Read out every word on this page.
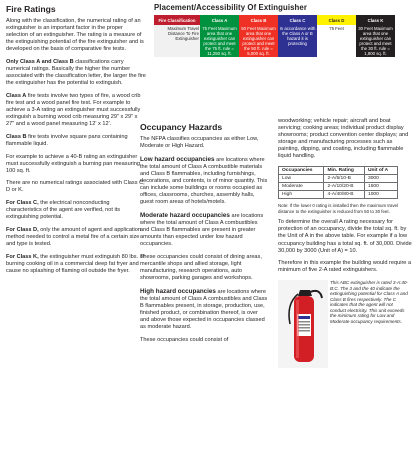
Fire Ratings

Along with the classification, the numerical rating of an extinguisher is an important factor in the proper selection of an extinguisher. The rating is a measure of the extinguishing potential of the fire extinguisher and is developed on the basis of comparative fire tests.

Only Class A and Class B classifications carry numerical ratings. Basically the higher the number associated with the classification letter, the larger the fire the extinguisher has the potential to extinguish.

Class A fire tests involve two types of fire, a wood crib fire test and a wood panel fire test. For example to achieve a 3-A rating an extinguisher must successfully extinguish a burning wood crib measuring 29" x 29" x 27" and a wood panel measuring 12' x 12'.

Class B fire tests involve square pans containing flammable liquid.

For example to achieve a 40-B rating an extinguisher must successfully extinguish a burning pan measuring 100 sq. ft.

There are no numerical ratings associated with Class C, D or K.

For Class C, the electrical nonconducting characteristics of the agent are verified, not its extinguishing potential.

For Class D, only the amount of agent and application method needed to control a metal fire of a certain size and type is tested.

For Class K, the extinguisher must extinguish 80 lbs. of burning cooking oil in a commercial deep fat fryer and cause no splashing of flaming oil outside the fryer.

Placement/Accessibility Of Extinguisher
Fire Classification	Class A	Class B	Class C	Class D	Class K
Maximum Travel Distance To Fire Extinguisher	75 Feet Maximum area that one extinguisher can protect and meet the 75 ft. rule = 11,250 sq. ft.	50 Feet Maximum area that one extinguisher can protect and meet the 50 ft. rule = 5,000 sq. ft.	In accordance with the Class A or B hazard it is protecting	75 Feet	30 Feet Maximum area that one extinguisher can protect and meet the 30 ft. rule = 1,800 sq. ft.
Occupancy Hazards

The NFPA classifies occupancies as either Low, Moderate or High Hazard.

Low hazard occupancies are locations where the total amount of Class A combustible materials and Class B flammables, including furnishings, decorations, and contents, is of minor quantity. This can include some buildings or rooms occupied as offices, classrooms, churches, assembly halls, guest room areas of hotels/motels.

Moderate hazard occupancies are locations where the total amount of Class A combustibles and Class B flammables are present in greater amounts than expected under low hazard occupancies.

These occupancies could consist of dining areas, mercantile shops and allied storage, light manufacturing, research operations, auto showrooms, parking garages and workshops.

High hazard occupancies are locations where the total amount of Class A combustibles and Class B flammables present, in storage, production, use, finished product, or combination thereof, is over and above those expected in occupancies classed as moderate hazard.

These occupancies could consist of

woodworking; vehicle repair; aircraft and boat servicing; cooking areas; individual product display showrooms; product convention center displays; and storage and manufacturing processes such as painting, dipping, and coating, including flammable liquid handling.

Occupancies	Min. Rating	Unit of A
Low	2-A/5/10-B	3000
Moderate	2-A/10/20-B	1500
High	4-A/40/80-B	1000

Note: If the lower 0 rating is installed then the maximum travel distance to the extinguisher is reduced from 50 to 30 feet.

To determine the overall A rating necessary for protection of an occupancy, divide the total sq. ft. by the Unit of A in the above table. For example if a low occupancy building has a total sq. ft. of 30,000. Divide 30,000 by 3000 (Unit of A) = 10.

Therefore in this example the building would require a minimum of five 2-A rated extinguishers.

This ABC extinguisher is rated 3-A:40-B:C. The 3 and the 40 indicate the extinguishing potential for Class A and Class B fires respectively. The C indicates that the agent will not conduct electricity. This unit exceeds the minimum rating for Low and Moderate occupancy requirements.
